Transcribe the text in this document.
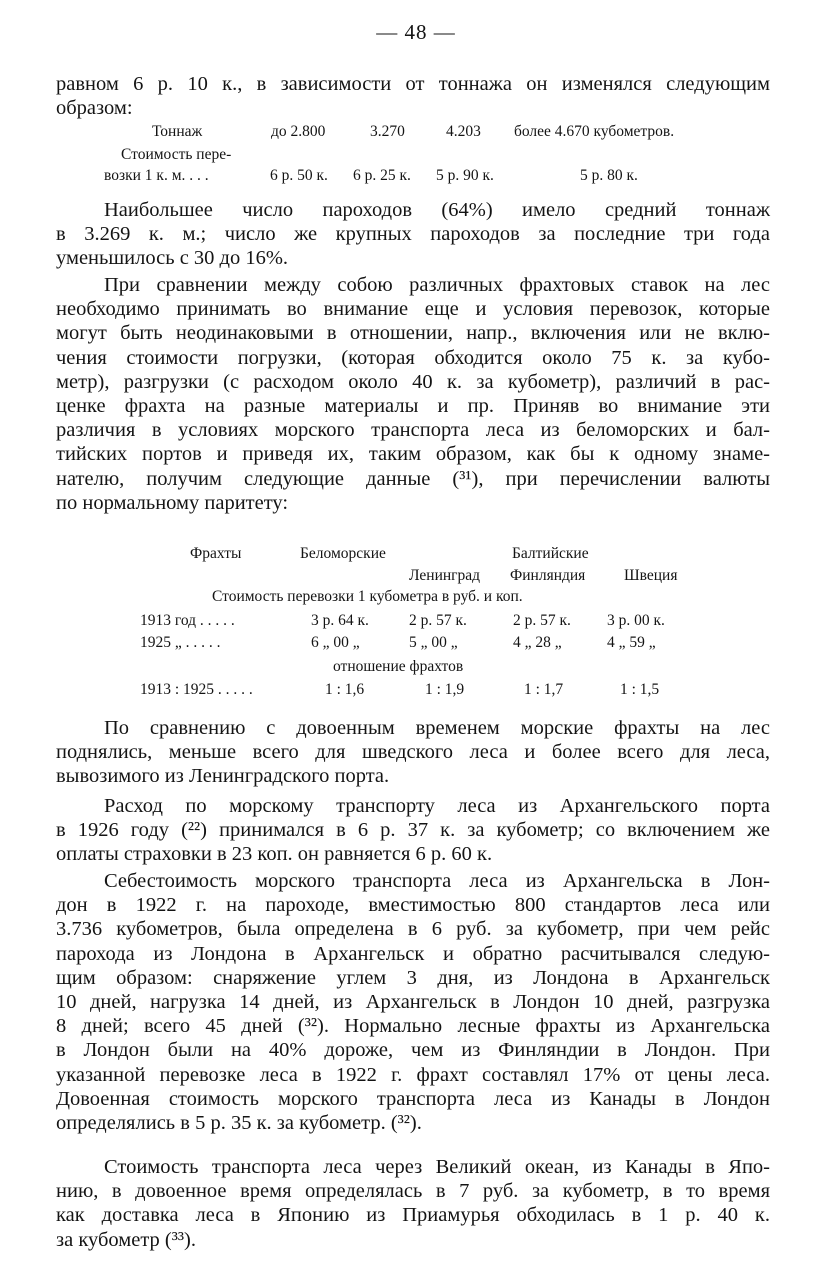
— 48 —
равном 6 р. 10 к., в зависимости от тоннажа он изменялся следующим
образом:
Тоннаж	до 2.800	3.270	4.203 более 4.670 кубометров.
Стоимость пере-
возки 1 к. м. . . .	6 р. 50 к. 6 р. 25 к. 5 р. 90 к.	5 р. 80 к.
Наибольшее число пароходов (64%) имело средний тоннаж
в 3.269 к. м.; число же крупных пароходов за последние три года
уменьшилось с 30 до 16%.
При сравнении между собою различных фрахтовых ставок на лес
необходимо принимать во внимание еще и условия перевозок, которые
могут быть неодинаковыми в отношении, напр., включения или не вклю-
чения стоимости погрузки, (которая обходится около 75 к. за кубо-
метр), разгрузки (с расходом около 40 к. за кубометр), различий в рас-
ценке фрахта на разные материалы и пр. Приняв во внимание эти
различия в условиях морского транспорта леса из беломорских и бал-
тийских портов и приведя их, таким образом, как бы к одному знаме-
нателю, получим следующие данные (³¹), при перечислении валюты
по нормальному паритету:
Фрахты	Беломорские	Балтийские
Ленинград Финляндия Швеция
Стоимость перевозки 1 кубометра в руб. и коп.
1913 год . . . . .	3 р. 64 к.	2 р. 57 к.	2 р. 57 к. 3 р. 00 к.
1925 „ . . . . .	6 „ 00 „	5 „ 00 „	4 „ 28 „	4 „ 59 „
отношение фрахтов
1913 : 1925 . . . . .	1 : 1,6	1 : 1,9	1 : 1,7	1 : 1,5
По сравнению с довоенным временем морские фрахты на лес
поднялись, меньше всего для шведского леса и более всего для леса,
вывозимого из Ленинградского порта.
Расход по морскому транспорту леса из Архангельского порта
в 1926 году (²²) принимался в 6 р. 37 к. за кубометр; со включением же
оплаты страховки в 23 коп. он равняется 6 р. 60 к.
Себестоимость морского транспорта леса из Архангельска в Лон-
дон в 1922 г. на пароходе, вместимостью 800 стандартов леса или
3.736 кубометров, была определена в 6 руб. за кубометр, при чем рейс
парохода из Лондона в Архангельск и обратно расчитывался следую-
щим образом: снаряжение углем 3 дня, из Лондона в Архангельск
10 дней, нагрузка 14 дней, из Архангельск в Лондон 10 дней, разгрузка
8 дней; всего 45 дней (³²). Нормально лесные фрахты из Архангельска
в Лондон были на 40% дороже, чем из Финляндии в Лондон. При
указанной перевозке леса в 1922 г. фрахт составлял 17% от цены леса.
Довоенная стоимость морского транспорта леса из Канады в Лондон
определялись в 5 р. 35 к. за кубометр. (³²).
Стоимость транспорта леса через Великий океан, из Канады в Япо-
нию, в довоенное время определялась в 7 руб. за кубометр, в то время
как доставка леса в Японию из Приамурья обходилась в 1 р. 40 к.
за кубометр (³³).
